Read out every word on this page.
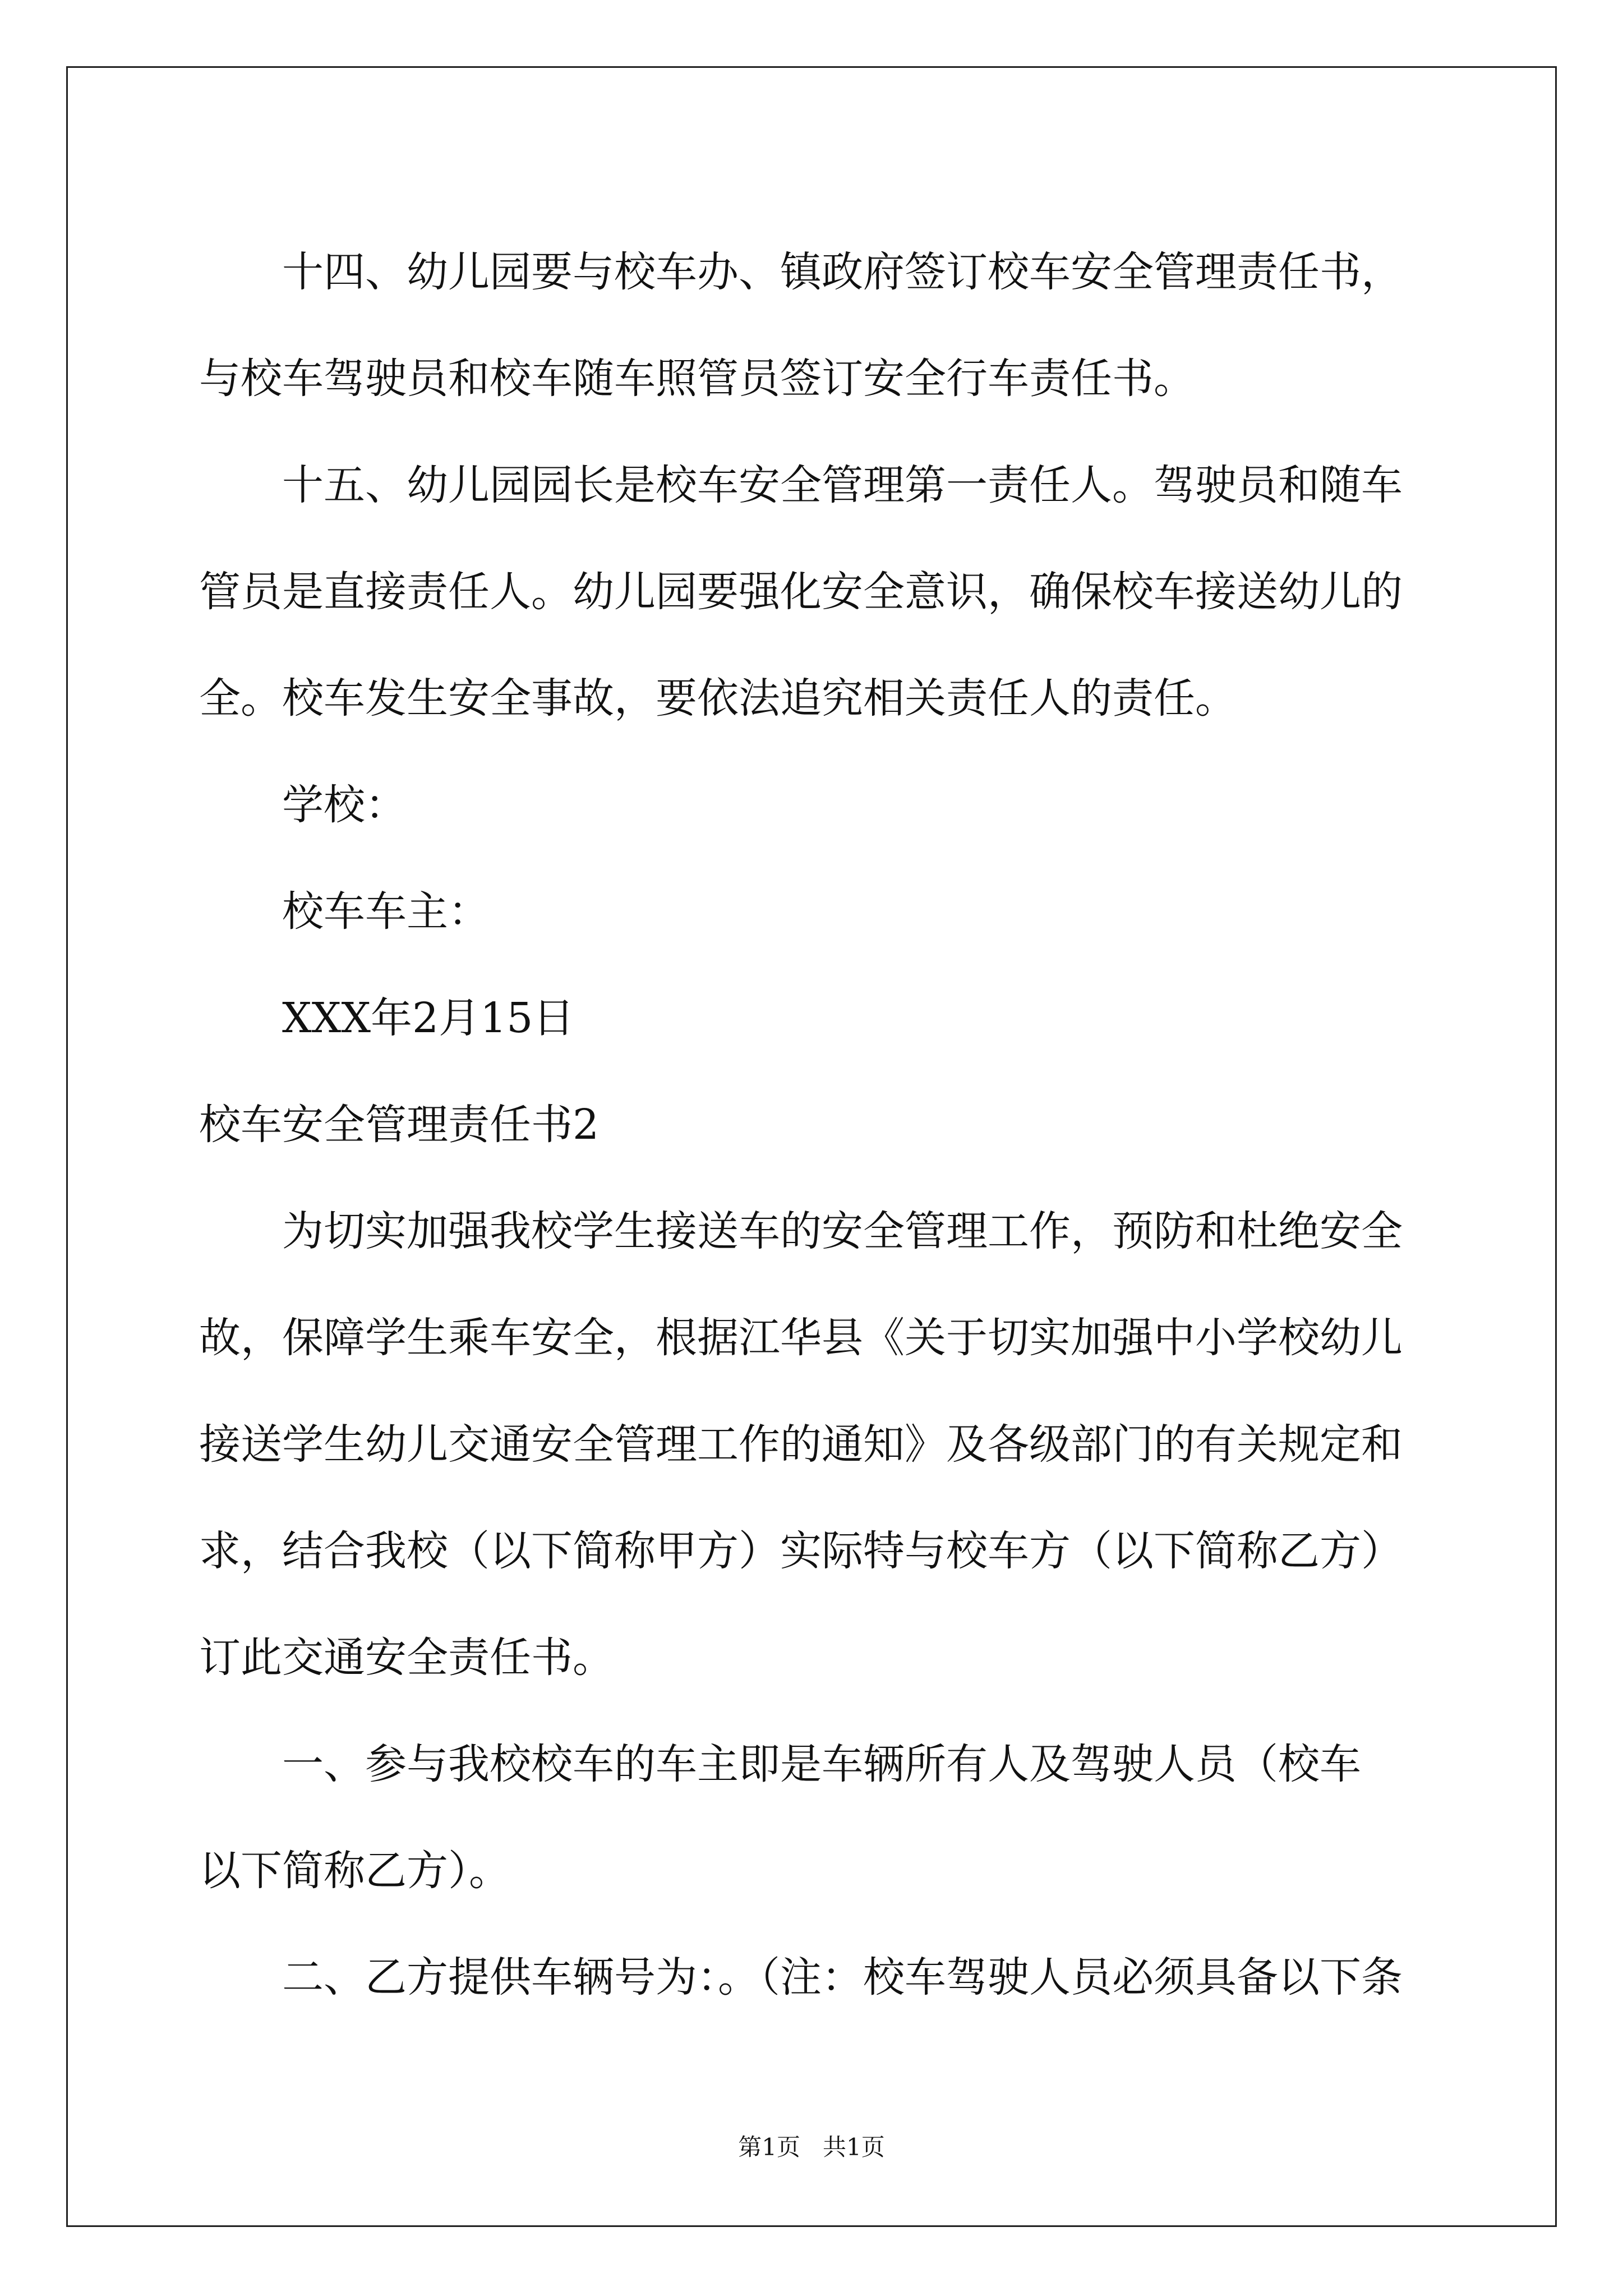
十四、幼儿园要与校车办、镇政府签订校车安全管理责任书，
与校车驾驶员和校车随车照管员签订安全行车责任书。
十五、幼儿园园长是校车安全管理第一责任人。驾驶员和随车
管员是直接责任人。幼儿园要强化安全意识，确保校车接送幼儿的
全。校车发生安全事故，要依法追究相关责任人的责任。
学校：
校车车主：
XXX年2月15日
校车安全管理责任书2
为切实加强我校学生接送车的安全管理工作，预防和杜绝安全
故，保障学生乘车安全，根据江华县《关于切实加强中小学校幼儿
接送学生幼儿交通安全管理工作的通知》及各级部门的有关规定和
求，结合我校（以下简称甲方）实际特与校车方（以下简称乙方）
订此交通安全责任书。
一、参与我校校车的车主即是车辆所有人及驾驶人员（校车
以下简称乙方）。
二、乙方提供车辆号为：。（注：校车驾驶人员必须具备以下条
第1页   共1页
